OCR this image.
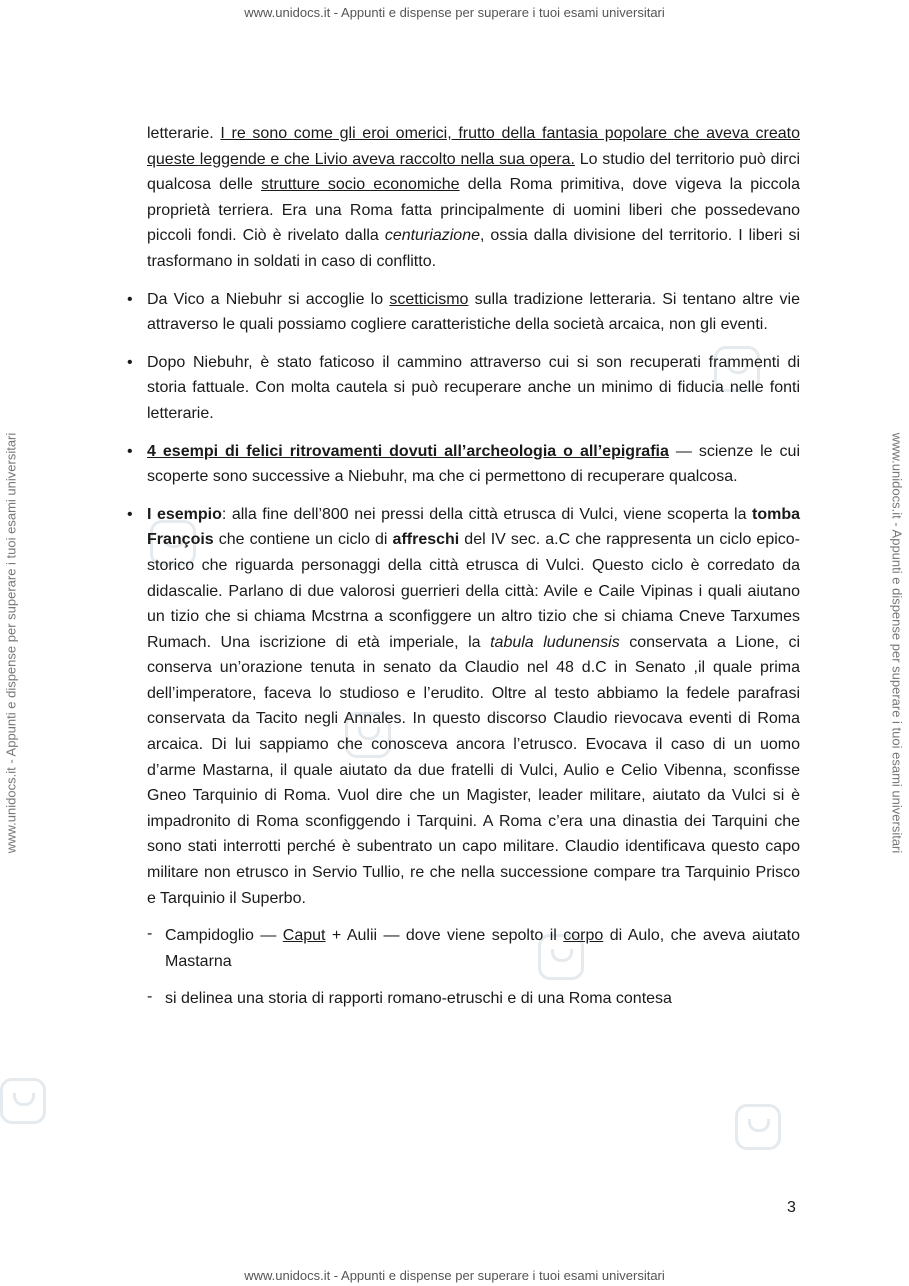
www.unidocs.it - Appunti e dispense per superare i tuoi esami universitari
www.unidocs.it - Appunti e dispense per superare i tuoi esami universitari
www.unidocs.it - Appunti e dispense per superare i tuoi esami universitari	www.unidocs.it - Appunti e dispense per superare i tuoi esami universitari

letterarie. I re sono come gli eroi omerici, frutto della fantasia popolare che aveva creato queste leggende e che Livio aveva raccolto nella sua opera. Lo studio del territorio può dirci qualcosa delle strutture socio economiche della Roma primitiva, dove vigeva la piccola proprietà terriera. Era una Roma fatta principalmente di uomini liberi che possedevano piccoli fondi. Ciò è rivelato dalla centuriazione, ossia dalla divisione del territorio. I liberi si trasformano in soldati in caso di conflitto.

• Da Vico a Niebuhr si accoglie lo scetticismo sulla tradizione letteraria. Si tentano altre vie attraverso le quali possiamo cogliere caratteristiche della società arcaica, non gli eventi.
• Dopo Niebuhr, è stato faticoso il cammino attraverso cui si son recuperati frammenti di storia fattuale. Con molta cautela si può recuperare anche un minimo di fiducia nelle fonti letterarie.
• 4 esempi di felici ritrovamenti dovuti all’archeologia o all’epigrafia — scienze le cui scoperte sono successive a Niebuhr, ma che ci permettono di recuperare qualcosa.
• I esempio: alla fine dell’800 nei pressi della città etrusca di Vulci, viene scoperta la tomba François che contiene un ciclo di affreschi del IV sec. a.C che rappresenta un ciclo epico-storico che riguarda personaggi della città etrusca di Vulci. Questo ciclo è corredato da didascalie. Parlano di due valorosi guerrieri della città: Avile e Caile Vipinas i quali aiutano un tizio che si chiama Mcstrna a sconfiggere un altro tizio che si chiama Cneve Tarxumes Rumach. Una iscrizione di età imperiale, la tabula ludunensis conservata a Lione, ci conserva un’orazione tenuta in senato da Claudio nel 48 d.C in Senato ,il quale prima dell’imperatore, faceva lo studioso e l’erudito. Oltre al testo abbiamo la fedele parafrasi conservata da Tacito negli Annales. In questo discorso Claudio rievocava eventi di Roma arcaica. Di lui sappiamo che conosceva ancora l’etrusco. Evocava il caso di un uomo d’arme Mastarna, il quale aiutato da due fratelli di Vulci, Aulio e Celio Vibenna, sconfisse Gneo Tarquinio di Roma. Vuol dire che un Magister, leader militare, aiutato da Vulci si è impadronito di Roma sconfiggendo i Tarquini. A Roma c’era una dinastia dei Tarquini che sono stati interrotti perché è subentrato un capo militare. Claudio identificava questo capo militare non etrusco in Servio Tullio, re che nella successione compare tra Tarquinio Prisco e Tarquinio il Superbo.
- Campidoglio — Caput + Aulii — dove viene sepolto il corpo di Aulo, che aveva aiutato Mastarna
- si delinea una storia di rapporti romano-etruschi e di una Roma contesa
3
